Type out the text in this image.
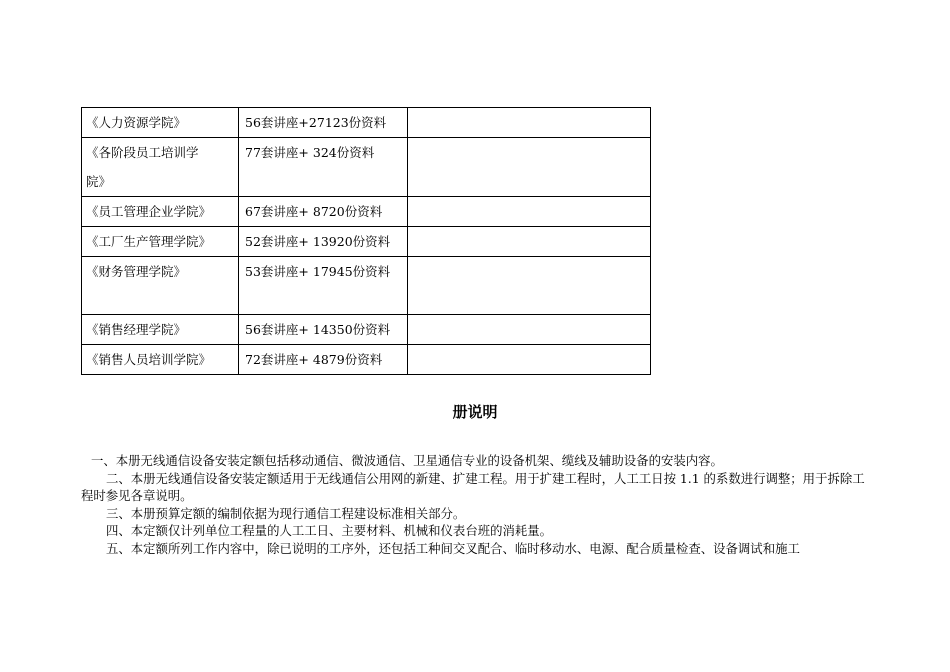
《人力资源学院》	56套讲座+27123份资料	

《各阶段员工培训学院》	77套讲座+ 324份资料	
《员工管理企业学院》	67套讲座+ 8720份资料	
《工厂生产管理学院》	52套讲座+ 13920份资料	
《财务管理学院》	53套讲座+ 17945份资料	

《销售经理学院》	56套讲座+ 14350份资料	
《销售人员培训学院》	72套讲座+ 4879份资料	
册说明

一、本册无线通信设备安装定额包括移动通信、微波通信、卫星通信专业的设备机架、缆线及辅助设备的安装内容。

二、本册无线通信设备安装定额适用于无线通信公用网的新建、扩建工程。用于扩建工程时，人工工日按 1.1 的系数进行调整；用于拆除工程时参见各章说明。

三、本册预算定额的编制依据为现行通信工程建设标准相关部分。

四、本定额仅计列单位工程量的人工工日、主要材料、机械和仪表台班的消耗量。

五、本定额所列工作内容中，除已说明的工序外，还包括工种间交叉配合、临时移动水、电源、配合质量检查、设备调试和施工
